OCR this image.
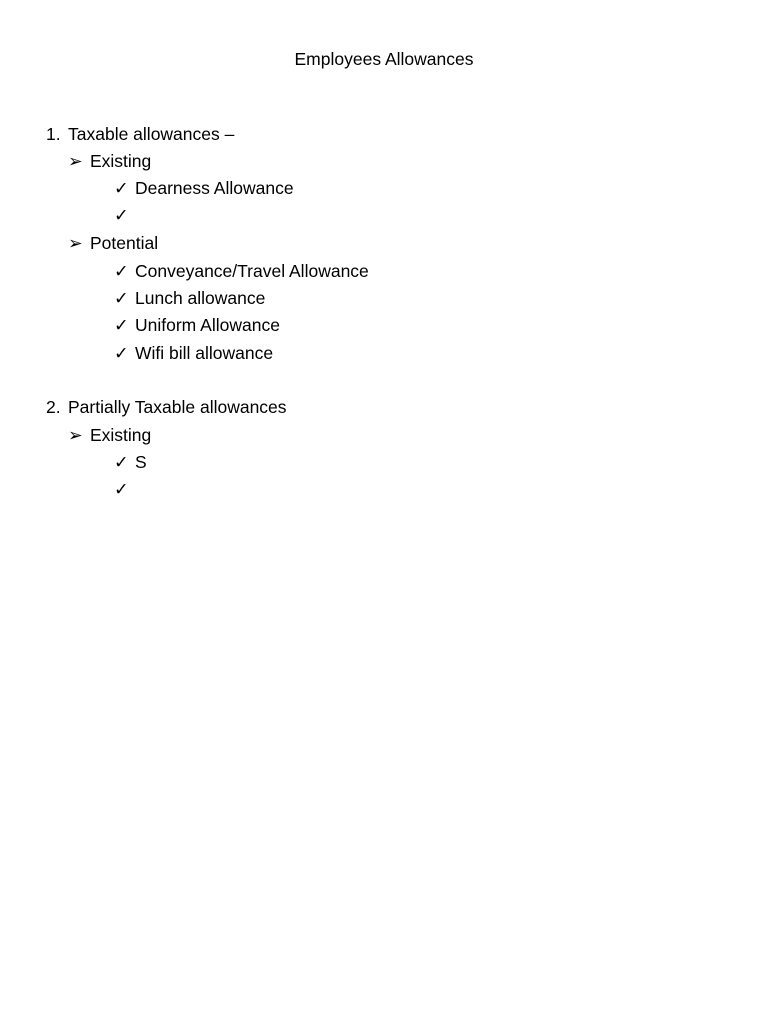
Employees Allowances
1. Taxable allowances –
➢ Existing
✓ Dearness Allowance
✓
➢ Potential
✓ Conveyance/Travel Allowance
✓ Lunch allowance
✓ Uniform Allowance
✓ Wifi bill allowance
2. Partially Taxable allowances
➢ Existing
✓ S
✓
